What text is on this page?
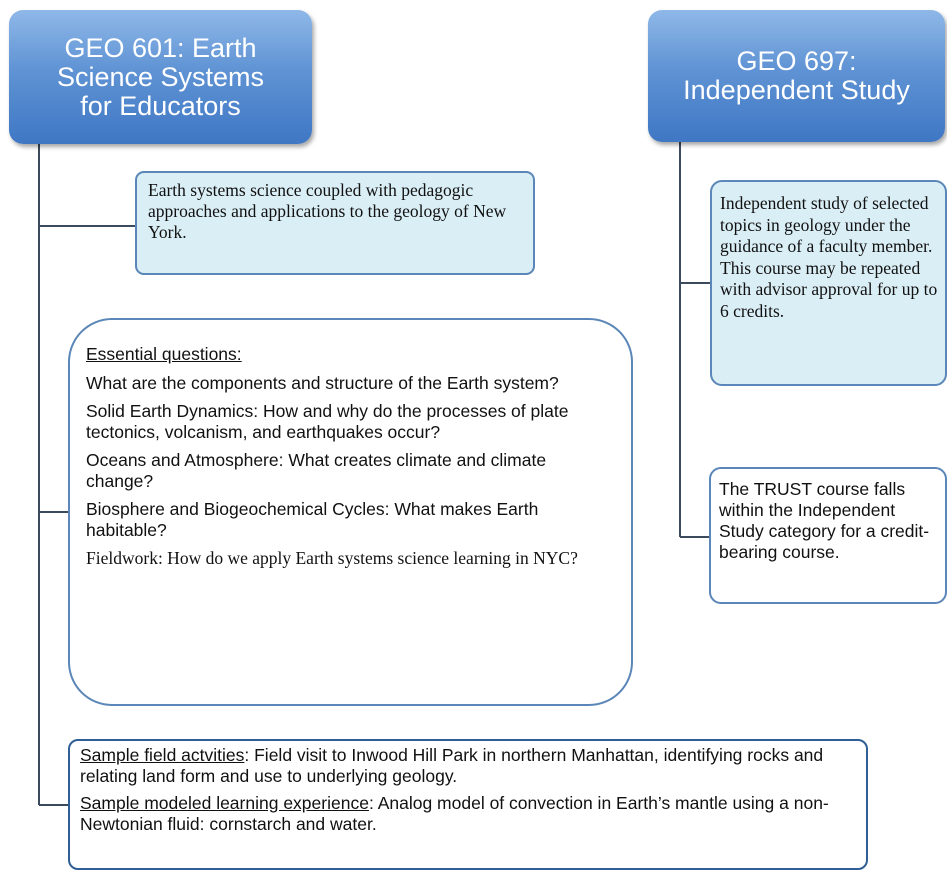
GEO 601: Earth
Science Systems
for Educators
GEO 697:
Independent Study
Earth systems science coupled with pedagogic approaches and applications to the geology of New York.
Essential questions:
What are the components and structure of the Earth system?
Solid Earth Dynamics: How and why do the processes of plate tectonics, volcanism, and earthquakes occur?
Oceans and Atmosphere: What creates climate and climate change?
Biosphere and Biogeochemical Cycles: What makes Earth habitable?
Fieldwork: How do we apply Earth systems science learning in NYC?

Sample field actvities: Field visit to Inwood Hill Park in northern Manhattan, identifying rocks and relating land form and use to underlying geology.

Sample modeled learning experience: Analog model of convection in Earth’s mantle using a non-Newtonian fluid: cornstarch and water.

Independent study of selected topics in geology under the guidance of a faculty member. This course may be repeated with advisor approval for up to 6 credits.
The TRUST course falls within the Independent Study category for a credit-bearing course.
